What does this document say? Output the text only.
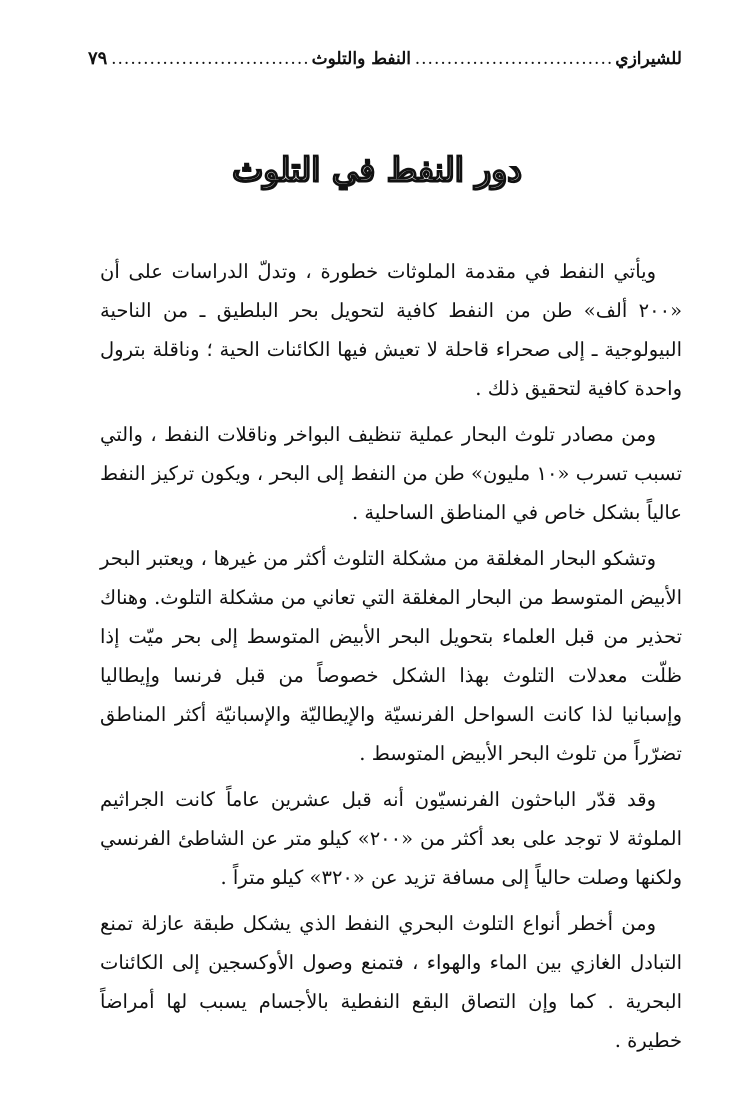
للشيرازي
.....
النفط والتلوث
.....
٧٩
دور النفط في التلوث

ويأتي النفط في مقدمة الملوثات خطورة ، وتدلّ الدراسات على أن «٢٠٠ ألف» طن من النفط كافية لتحويل بحر البلطيق ـ من الناحية البيولوجية ـ إلى صحراء قاحلة لا تعيش فيها الكائنات الحية ؛ وناقلة بترول واحدة كافية لتحقيق ذلك .

ومن مصادر تلوث البحار عملية تنظيف البواخر وناقلات النفط ، والتي تسبب تسرب «١٠ مليون» طن من النفط إلى البحر ، ويكون تركيز النفط عالياً بشكل خاص في المناطق الساحلية .

وتشكو البحار المغلقة من مشكلة التلوث أكثر من غيرها ، ويعتبر البحر الأبيض المتوسط من البحار المغلقة التي تعاني من مشكلة التلوث. وهناك تحذير من قبل العلماء بتحويل البحر الأبيض المتوسط إلى بحر ميّت إذا ظلّت معدلات التلوث بهذا الشكل خصوصاً من قبل فرنسا وإيطاليا وإسبانيا لذا كانت السواحل الفرنسيّة والإيطاليّة والإسبانيّة أكثر المناطق تضرّراً من تلوث البحر الأبيض المتوسط .

وقد قدّر الباحثون الفرنسيّون أنه قبل عشرين عاماً كانت الجراثيم الملوثة لا توجد على بعد أكثر من «٢٠٠» كيلو متر عن الشاطئ الفرنسي ولكنها وصلت حالياً إلى مسافة تزيد عن «٣٢٠» كيلو متراً .

ومن أخطر أنواع التلوث البحري النفط الذي يشكل طبقة عازلة تمنع التبادل الغازي بين الماء والهواء ، فتمنع وصول الأوكسجين إلى الكائنات البحرية . كما وإن التصاق البقع النفطية بالأجسام يسبب لها أمراضاً خطيرة .
